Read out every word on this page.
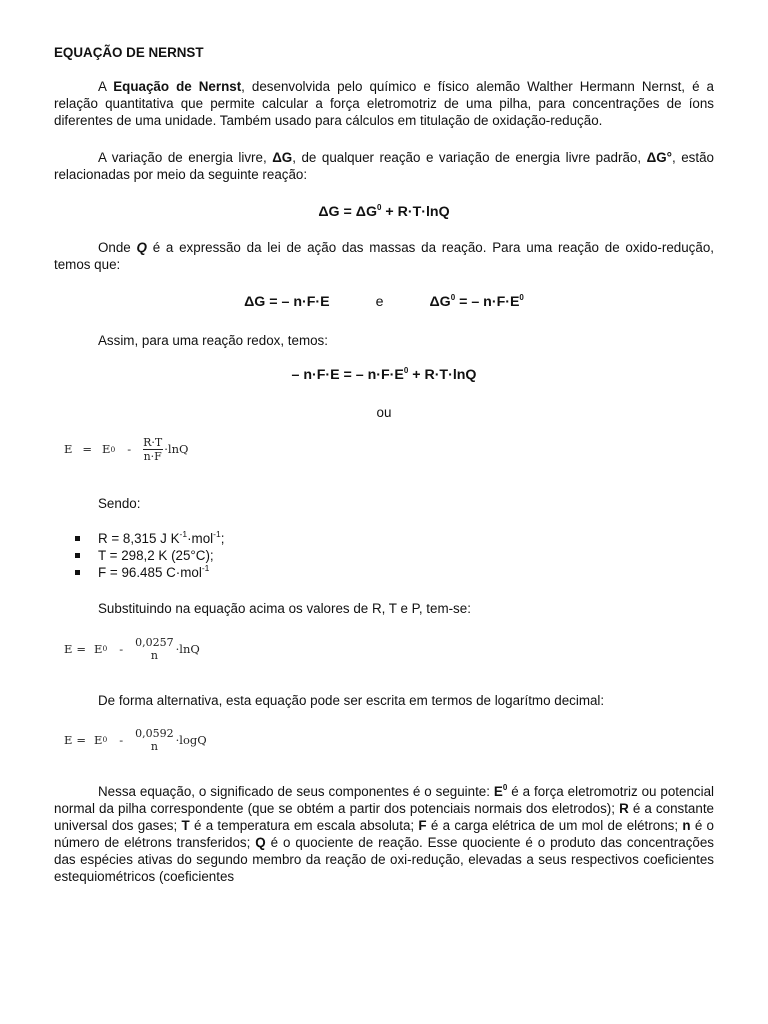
EQUAÇÃO DE NERNST

A Equação de Nernst, desenvolvida pelo químico e físico alemão Walther Hermann Nernst, é a relação quantitativa que permite calcular a força eletromotriz de uma pilha, para concentrações de íons diferentes de uma unidade. Também usado para cálculos em titulação de oxidação-redução.

A variação de energia livre, ΔG, de qualquer reação e variação de energia livre padrão, ΔG°, estão relacionadas por meio da seguinte reação:

$\Delta G = \Delta G^0 + R\cdot T\cdot\ln Q$

Onde Q é a expressão da lei de ação das massas da reação. Para uma reação de oxido-redução, temos que:

ΔG = – n·F·E	e	$\Delta G^0$ = – $n\cdot F\cdot E^0$
Assim, para uma reação redox, temos:
– n·F·E = – $n\cdot F\cdot E^0 + R\cdot T\cdot\ln Q$
ou
E = E $0 - \frac{R\cdot T}{n\cdot F} \cdot\ln Q$
Sendo:
R = 8,315 J $K^{-1}\cdot mol^{-1}$;
T = 298,2 K (25°C);
F = 96.485 C·mol$^{-1}$
Substituindo na equação acima os valores de R, T e P, tem-se:
E = E 0 - 0,0257
n ·lnQ
De forma alternativa, esta equação pode ser escrita em termos de logarítmo decimal:
E = E 0 - 0,0592
n ·logQ

Nessa equação, o significado de seus componentes é o seguinte: $E^0$ é a força eletromotriz ou potencial normal da pilha correspondente (que se obtém a partir dos potenciais normais dos eletrodos); R é a constante universal dos gases; T é a temperatura em escala absoluta; F é a carga elétrica de um mol de elétrons; n é o número de elétrons transferidos; Q é o quociente de reação. Esse quociente é o produto das concentrações das espécies ativas do segundo membro da reação de oxi-redução, elevadas a seus respectivos coeficientes estequiométricos (coeficientes
